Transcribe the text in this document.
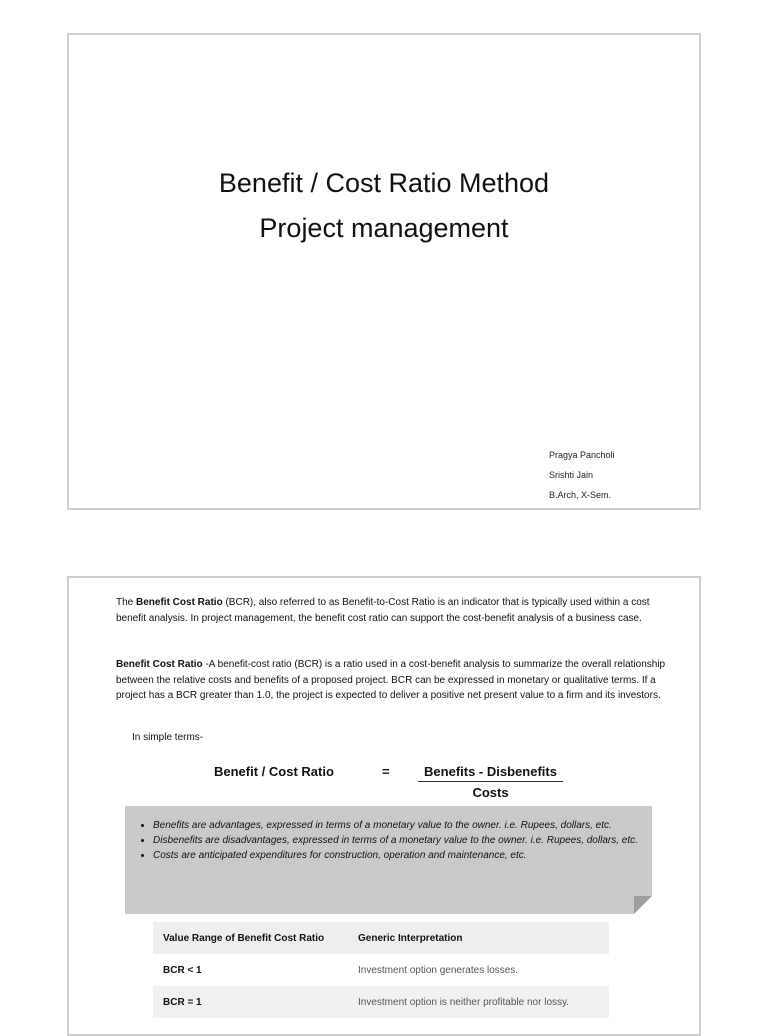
Benefit / Cost Ratio Method
Project management
Pragya Pancholi
Srishti Jain
B.Arch, X-Sem.
The Benefit Cost Ratio (BCR), also referred to as Benefit-to-Cost Ratio is an indicator that is typically used within a cost benefit analysis. In project management, the benefit cost ratio can support the cost-benefit analysis of a business case.
Benefit Cost Ratio -A benefit-cost ratio (BCR) is a ratio used in a cost-benefit analysis to summarize the overall relationship between the relative costs and benefits of a proposed project. BCR can be expressed in monetary or qualitative terms. If a project has a BCR greater than 1.0, the project is expected to deliver a positive net present value to a firm and its investors.
In simple terms-
Benefit / Cost Ratio	=	Benefits - Disbenefits
Costs
• Benefits are advantages, expressed in terms of a monetary value to the owner. i.e. Rupees, dollars, etc.
• Disbenefits are disadvantages, expressed in terms of a monetary value to the owner. i.e. Rupees, dollars, etc.
• Costs are anticipated expenditures for construction, operation and maintenance, etc.
Value Range of Benefit Cost Ratio	Generic Interpretation
BCR < 1	Investment option generates losses.
BCR = 1	Investment option is neither profitable nor lossy.
